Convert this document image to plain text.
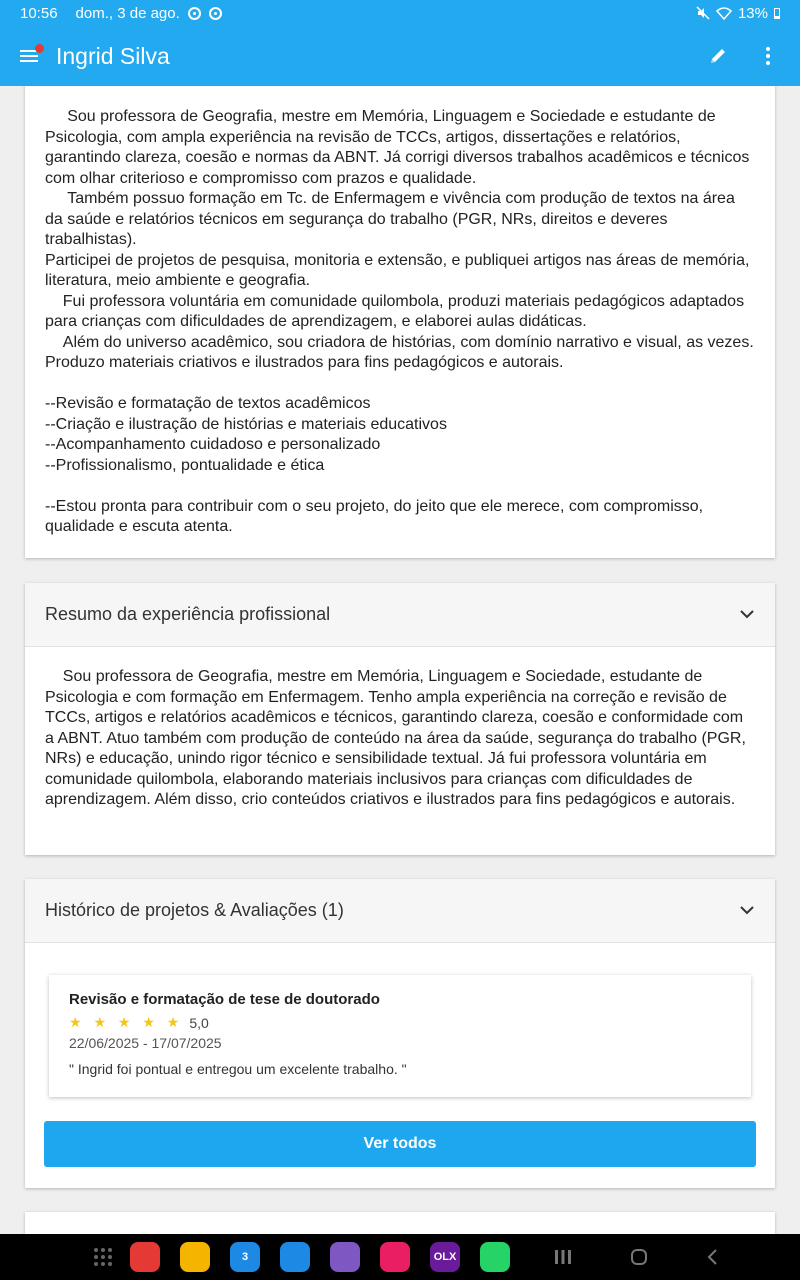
10:56 dom., 3 de ago.	13%
Ingrid Silva

Sou professora de Geografia, mestre em Memória, Linguagem e Sociedade e estudante de Psicologia, com ampla experiência na revisão de TCCs, artigos, dissertações e relatórios, garantindo clareza, coesão e normas da ABNT. Já corrigi diversos trabalhos acadêmicos e técnicos com olhar criterioso e compromisso com prazos e qualidade.

Também possuo formação em Tc. de Enfermagem e vivência com produção de textos na área da saúde e relatórios técnicos em segurança do trabalho (PGR, NRs, direitos e deveres trabalhistas).

Participei de projetos de pesquisa, monitoria e extensão, e publiquei artigos nas áreas de memória, literatura, meio ambiente e geografia.

Fui professora voluntária em comunidade quilombola, produzi materiais pedagógicos adaptados para crianças com dificuldades de aprendizagem, e elaborei aulas didáticas.

Além do universo acadêmico, sou criadora de histórias, com domínio narrativo e visual, as vezes. Produzo materiais criativos e ilustrados para fins pedagógicos e autorais.

--Revisão e formatação de textos acadêmicos

--Criação e ilustração de histórias e materiais educativos

--Acompanhamento cuidadoso e personalizado

--Profissionalismo, pontualidade e ética

--Estou pronta para contribuir com o seu projeto, do jeito que ele merece, com compromisso, qualidade e escuta atenta.

Resumo da experiência profissional

Sou professora de Geografia, mestre em Memória, Linguagem e Sociedade, estudante de Psicologia e com formação em Enfermagem. Tenho ampla experiência na correção e revisão de TCCs, artigos e relatórios acadêmicos e técnicos, garantindo clareza, coesão e conformidade com a ABNT. Atuo também com produção de conteúdo na área da saúde, segurança do trabalho (PGR, NRs) e educação, unindo rigor técnico e sensibilidade textual. Já fui professora voluntária em comunidade quilombola, elaborando materiais inclusivos para crianças com dificuldades de aprendizagem. Além disso, crio conteúdos criativos e ilustrados para fins pedagógicos e autorais.

Histórico de projetos & Avaliações (1)
Revisão e formatação de tese de doutorado
★ ★ ★ ★ ★ 5,0
22/06/2025 - 17/07/2025
" Ingrid foi pontual e entregou um excelente trabalho. "
Ver todos
3	OLX
